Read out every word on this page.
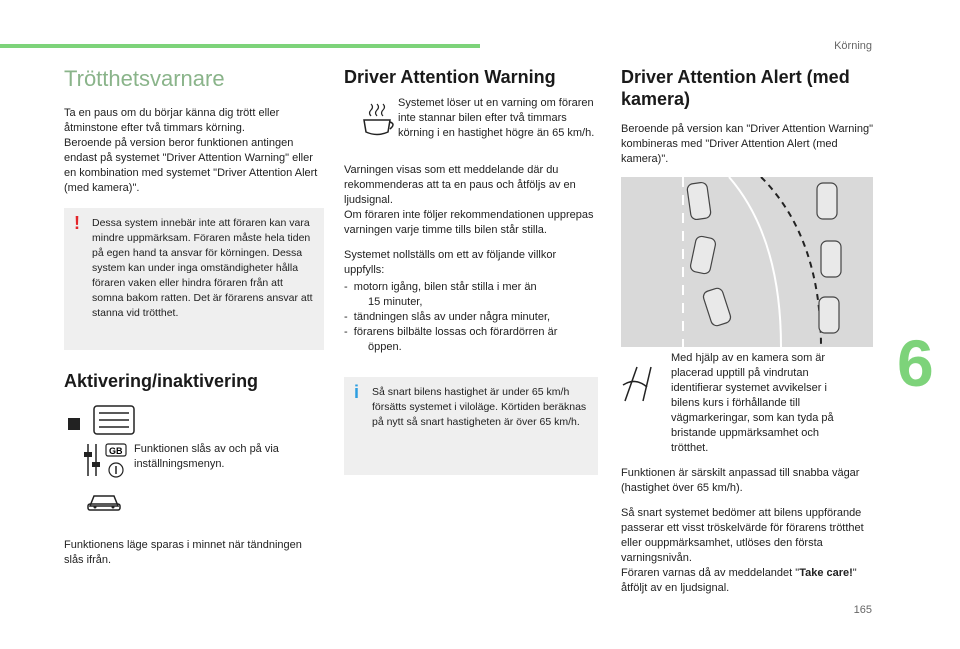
Körning
165
6
Trötthetsvarnare

Ta en paus om du börjar känna dig trött eller åtminstone efter två timmars körning.
Beroende på version beror funktionen antingen endast på systemet "Driver Attention Warning" eller en kombination med systemet "Driver Attention Alert (med kamera)".

! Dessa system innebär inte att föraren kan vara mindre uppmärksam. Föraren måste hela tiden på egen hand ta ansvar för körningen. Dessa system kan under inga omständigheter hålla föraren vaken eller hindra föraren från att somna bakom ratten. Det är förarens ansvar att stanna vid trötthet.
Aktivering/inaktivering
GB Funktionen slås av och på via inställningsmenyn.

Funktionens läge sparas i minnet när tändningen slås ifrån.

Driver Attention Warning

Systemet löser ut en varning om föraren inte stannar bilen efter två timmars körning i en hastighet högre än 65 km/h.

Varningen visas som ett meddelande där du rekommenderas att ta en paus och åtföljs av en ljudsignal.
Om föraren inte följer rekommendationen upprepas varningen varje timme tills bilen står stilla.

Systemet nollställs om ett av följande villkor uppfylls:

-  motorn igång, bilen står stilla i mer än
15 minuter,
-  tändningen slås av under några minuter,
-  förarens bilbälte lossas och förardörren är
öppen.
i Så snart bilens hastighet är under 65 km/h försätts systemet i viloläge. Körtiden beräknas på nytt så snart hastigheten är över 65 km/h.
Driver Attention Alert (med kamera)

Beroende på version kan "Driver Attention Warning" kombineras med "Driver Attention Alert (med kamera)".

Med hjälp av en kamera som är placerad upptill på vindrutan identifierar systemet avvikelser i bilens kurs i förhållande till vägmarkeringar, som kan tyda på bristande uppmärksamhet och trötthet.

Funktionen är särskilt anpassad till snabba vägar (hastighet över 65 km/h).

Så snart systemet bedömer att bilens uppförande passerar ett visst tröskelvärde för förarens trötthet eller ouppmärksamhet, utlöses den första varningsnivån.
Föraren varnas då av meddelandet "Take care!" åtföljt av en ljudsignal.
